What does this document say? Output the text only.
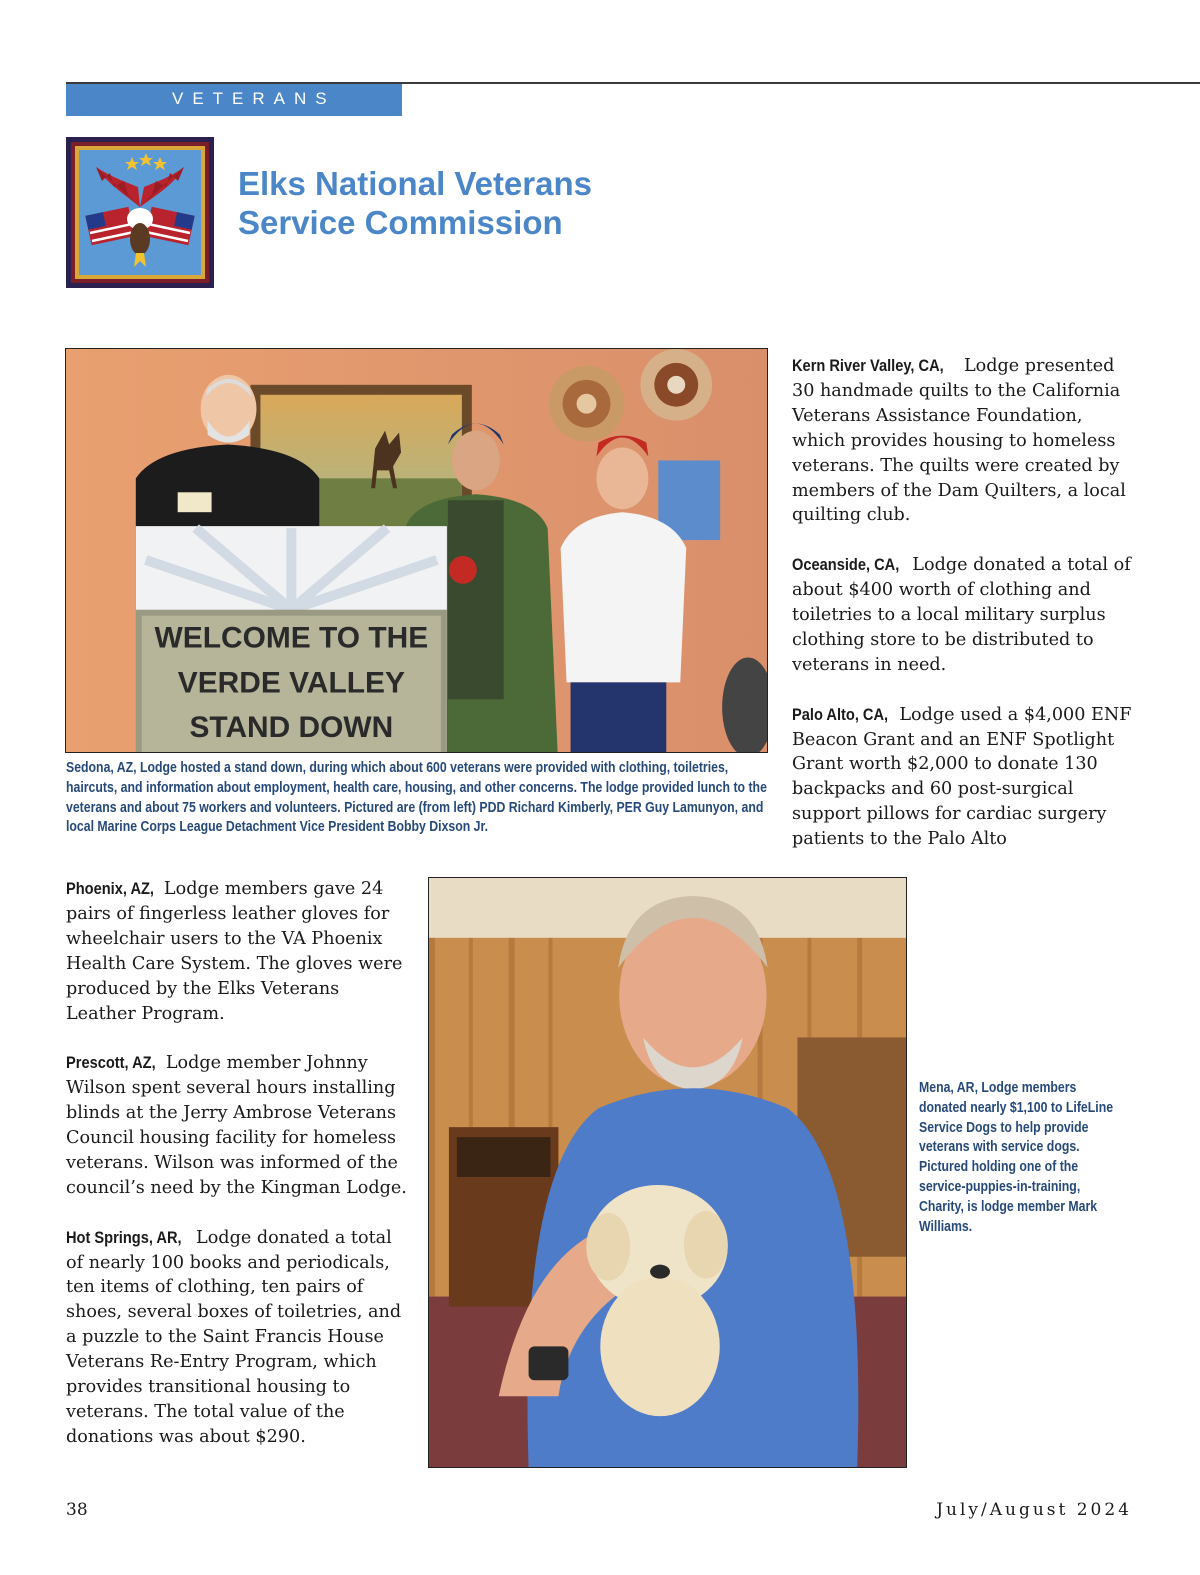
VETERANS
Elks National Veterans
Service Commission
WELCOME TO THE
VERDE VALLEY
STAND DOWN
Sedona, AZ, Lodge hosted a stand down, during which about 600 veterans were provided with clothing, toiletries, haircuts, and information about employment, health care, housing, and other concerns. The lodge provided lunch to the veterans and about 75 workers and volunteers. Pictured are (from left) PDD Richard Kimberly, PER Guy Lamunyon, and local Marine Corps League Detachment Vice President Bobby Dixson Jr.

Kern River Valley, CA, Lodge presented 30 handmade quilts to the California Veterans Assistance Foundation, which provides housing to homeless veterans. The quilts were created by members of the Dam Quilters, a local quilting club.

Oceanside, CA, Lodge donated a total of about $400 worth of clothing and toiletries to a local military surplus clothing store to be distributed to veterans in need.

Palo Alto, CA, Lodge used a $4,000 ENF Beacon Grant and an ENF Spotlight Grant worth $2,000 to donate 130 backpacks and 60 post-surgical support pillows for cardiac surgery patients to the Palo Alto

Phoenix, AZ, Lodge members gave 24 pairs of fingerless leather gloves for wheelchair users to the VA Phoenix Health Care System. The gloves were produced by the Elks Veterans Leather Program.

Prescott, AZ, Lodge member Johnny Wilson spent several hours installing blinds at the Jerry Ambrose Veterans Council housing facility for homeless veterans. Wilson was informed of the council’s need by the Kingman Lodge.

Hot Springs, AR, Lodge donated a total of nearly 100 books and periodicals, ten items of clothing, ten pairs of shoes, several boxes of toiletries, and a puzzle to the Saint Francis House Veterans Re-Entry Program, which provides transitional housing to veterans. The total value of the donations was about $290.

Mena, AR, Lodge members donated nearly $1,100 to LifeLine Service Dogs to help provide veterans with service dogs. Pictured holding one of the service-puppies-in-training, Charity, is lodge member Mark Williams.
38	July/August 2024
